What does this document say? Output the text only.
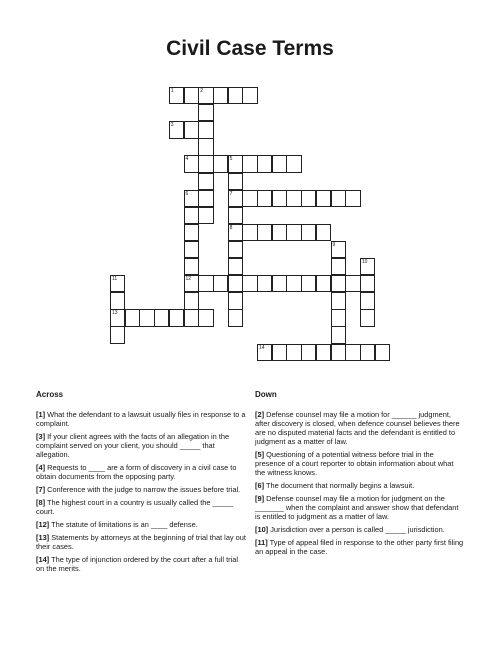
Civil Case Terms
1	2
3
4	5
7
8
6
12
9
10
11
13
14
Across

[1] What the defendant to a lawsuit usually files in response to a complaint.

[3] If your client agrees with the facts of an allegation in the complaint served on your client, you should _____ that allegation.

[4] Requests to ____ are a form of discovery in a civil case to obtain documents from the opposing party.

[7] Conference with the judge to narrow the issues before trial.

[8] The highest court in a country is usually called the _____ court.

[12] The statute of limitations is an ____ defense.

[13] Statements by attorneys at the beginning of trial that lay out their cases.

[14] The type of injunction ordered by the court after a full trial on the merits.

Down

[2] Defense counsel may file a motion for ______ judgment, after discovery is closed, when defence counsel believes there are no disputed material facts and the defendant is entitled to judgment as a matter of law.

[5] Questioning of a potential witness before trial in the presence of a court reporter to obtain information about what the witness knows.

[6] The document that normally begins a lawsuit.

[9] Defense counsel may file a motion for judgment on the _______ when the complaint and answer show that defendant is entitled to judgment as a matter of law.

[10] Jurisdiction over a person is called _____ jurisdiction.

[11] Type of appeal filed in response to the other party first filing an appeal in the case.
